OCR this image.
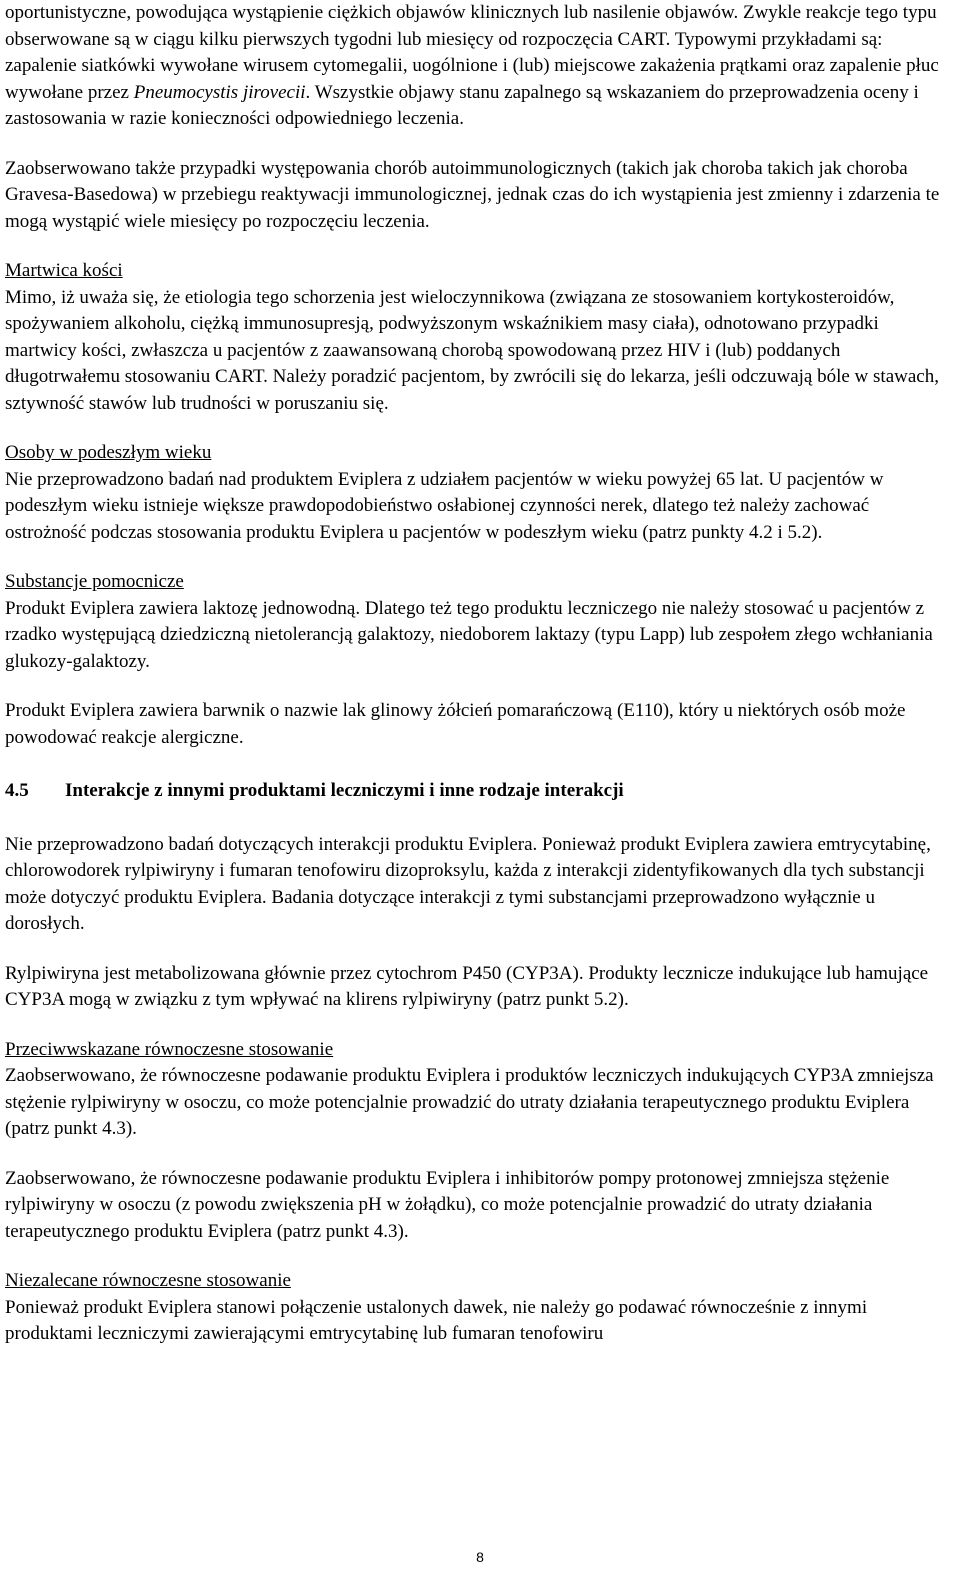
oportunistyczne, powodująca wystąpienie ciężkich objawów klinicznych lub nasilenie objawów. Zwykle reakcje tego typu obserwowane są w ciągu kilku pierwszych tygodni lub miesięcy od rozpoczęcia CART. Typowymi przykładami są: zapalenie siatkówki wywołane wirusem cytomegalii, uogólnione i (lub) miejscowe zakażenia prątkami oraz zapalenie płuc wywołane przez Pneumocystis jirovecii. Wszystkie objawy stanu zapalnego są wskazaniem do przeprowadzenia oceny i zastosowania w razie konieczności odpowiedniego leczenia.

Zaobserwowano także przypadki występowania chorób autoimmunologicznych (takich jak choroba takich jak choroba Gravesa-Basedowa) w przebiegu reaktywacji immunologicznej, jednak czas do ich wystąpienia jest zmienny i zdarzenia te mogą wystąpić wiele miesięcy po rozpoczęciu leczenia.

Martwica kości

Mimo, iż uważa się, że etiologia tego schorzenia jest wieloczynnikowa (związana ze stosowaniem kortykosteroidów, spożywaniem alkoholu, ciężką immunosupresją, podwyższonym wskaźnikiem masy ciała), odnotowano przypadki martwicy kości, zwłaszcza u pacjentów z zaawansowaną chorobą spowodowaną przez HIV i (lub) poddanych długotrwałemu stosowaniu CART. Należy poradzić pacjentom, by zwrócili się do lekarza, jeśli odczuwają bóle w stawach, sztywność stawów lub trudności w poruszaniu się.

Osoby w podeszłym wieku

Nie przeprowadzono badań nad produktem Eviplera z udziałem pacjentów w wieku powyżej 65 lat. U pacjentów w podeszłym wieku istnieje większe prawdopodobieństwo osłabionej czynności nerek, dlatego też należy zachować ostrożność podczas stosowania produktu Eviplera u pacjentów w podeszłym wieku (patrz punkty 4.2 i 5.2).

Substancje pomocnicze

Produkt Eviplera zawiera laktozę jednowodną. Dlatego też tego produktu leczniczego nie należy stosować u pacjentów z rzadko występującą dziedziczną nietolerancją galaktozy, niedoborem laktazy (typu Lapp) lub zespołem złego wchłaniania glukozy-galaktozy.

Produkt Eviplera zawiera barwnik o nazwie lak glinowy żółcień pomarańczową (E110), który u niektórych osób może powodować reakcje alergiczne.

4.5 Interakcje z innymi produktami leczniczymi i inne rodzaje interakcji

Nie przeprowadzono badań dotyczących interakcji produktu Eviplera. Ponieważ produkt Eviplera zawiera emtrycytabinę, chlorowodorek rylpiwiryny i fumaran tenofowiru dizoproksylu, każda z interakcji zidentyfikowanych dla tych substancji może dotyczyć produktu Eviplera. Badania dotyczące interakcji z tymi substancjami przeprowadzono wyłącznie u dorosłych.

Rylpiwiryna jest metabolizowana głównie przez cytochrom P450 (CYP3A). Produkty lecznicze indukujące lub hamujące CYP3A mogą w związku z tym wpływać na klirens rylpiwiryny (patrz punkt 5.2).

Przeciwwskazane równoczesne stosowanie

Zaobserwowano, że równoczesne podawanie produktu Eviplera i produktów leczniczych indukujących CYP3A zmniejsza stężenie rylpiwiryny w osoczu, co może potencjalnie prowadzić do utraty działania terapeutycznego produktu Eviplera (patrz punkt 4.3).

Zaobserwowano, że równoczesne podawanie produktu Eviplera i inhibitorów pompy protonowej zmniejsza stężenie rylpiwiryny w osoczu (z powodu zwiększenia pH w żołądku), co może potencjalnie prowadzić do utraty działania terapeutycznego produktu Eviplera (patrz punkt 4.3).

Niezalecane równoczesne stosowanie

Ponieważ produkt Eviplera stanowi połączenie ustalonych dawek, nie należy go podawać równocześnie z innymi produktami leczniczymi zawierającymi emtrycytabinę lub fumaran tenofowiru

8
